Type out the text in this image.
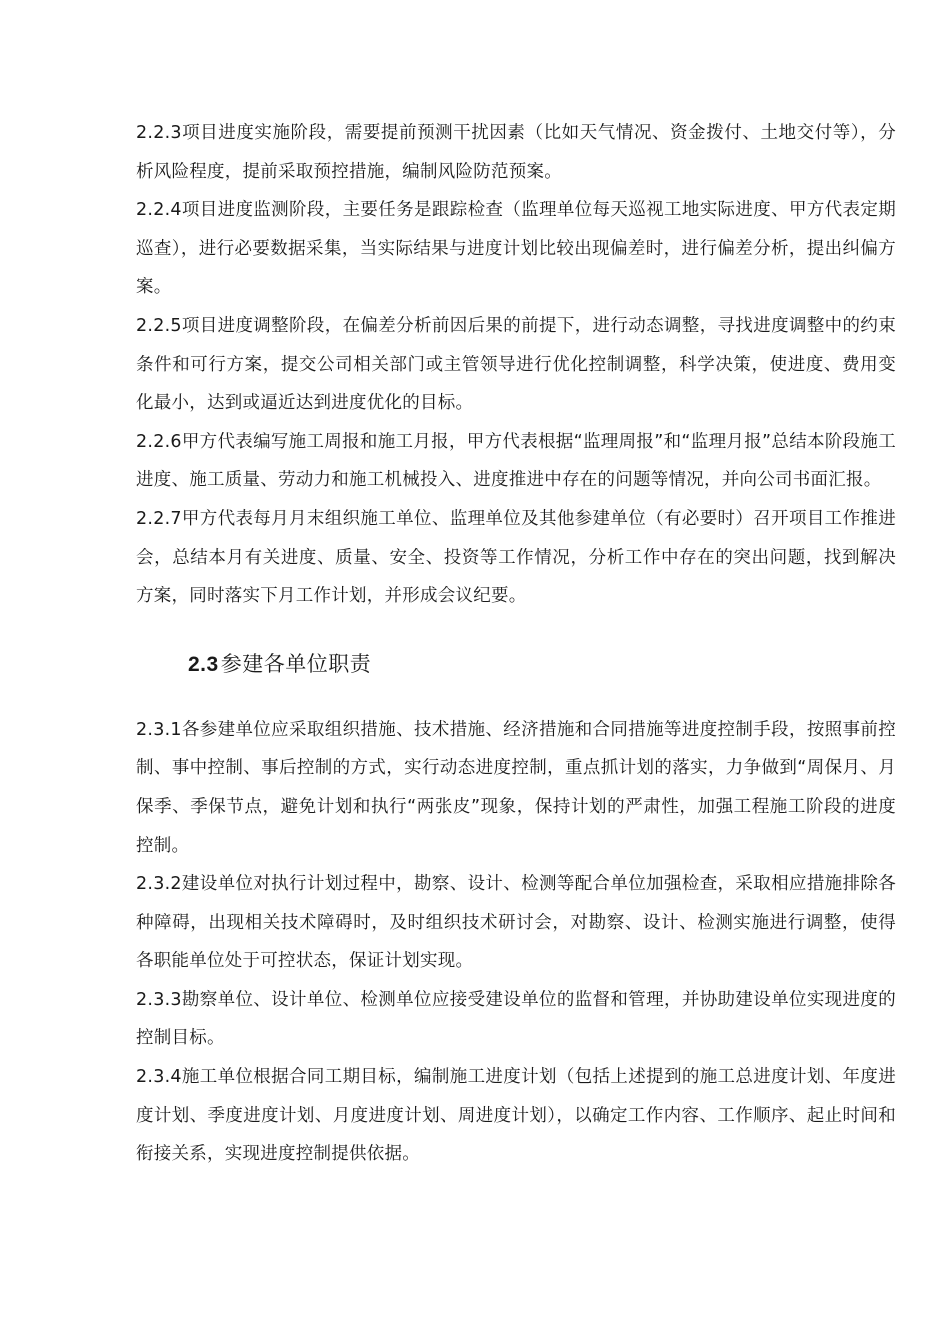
2.2.3项目进度实施阶段，需要提前预测干扰因素（比如天气情况、资金拨付、土地交付等），分析风险程度，提前采取预控措施，编制风险防范预案。

2.2.4项目进度监测阶段，主要任务是跟踪检查（监理单位每天巡视工地实际进度、甲方代表定期巡查），进行必要数据采集，当实际结果与进度计划比较出现偏差时，进行偏差分析，提出纠偏方案。

2.2.5项目进度调整阶段，在偏差分析前因后果的前提下，进行动态调整，寻找进度调整中的约束条件和可行方案，提交公司相关部门或主管领导进行优化控制调整，科学决策，使进度、费用变化最小，达到或逼近达到进度优化的目标。

2.2.6甲方代表编写施工周报和施工月报，甲方代表根据“监理周报”和“监理月报”总结本阶段施工进度、施工质量、劳动力和施工机械投入、进度推进中存在的问题等情况，并向公司书面汇报。

2.2.7甲方代表每月月末组织施工单位、监理单位及其他参建单位（有必要时）召开项目工作推进会，总结本月有关进度、质量、安全、投资等工作情况，分析工作中存在的突出问题，找到解决方案，同时落实下月工作计划，并形成会议纪要。

2.3参建各单位职责

2.3.1各参建单位应采取组织措施、技术措施、经济措施和合同措施等进度控制手段，按照事前控制、事中控制、事后控制的方式，实行动态进度控制，重点抓计划的落实，力争做到“周保月、月保季、季保节点，避免计划和执行“两张皮”现象，保持计划的严肃性，加强工程施工阶段的进度控制。

2.3.2建设单位对执行计划过程中，勘察、设计、检测等配合单位加强检查，采取相应措施排除各种障碍，出现相关技术障碍时，及时组织技术研讨会，对勘察、设计、检测实施进行调整，使得各职能单位处于可控状态，保证计划实现。

2.3.3勘察单位、设计单位、检测单位应接受建设单位的监督和管理，并协助建设单位实现进度的控制目标。

2.3.4施工单位根据合同工期目标，编制施工进度计划（包括上述提到的施工总进度计划、年度进度计划、季度进度计划、月度进度计划、周进度计划），以确定工作内容、工作顺序、起止时间和衔接关系，实现进度控制提供依据。
